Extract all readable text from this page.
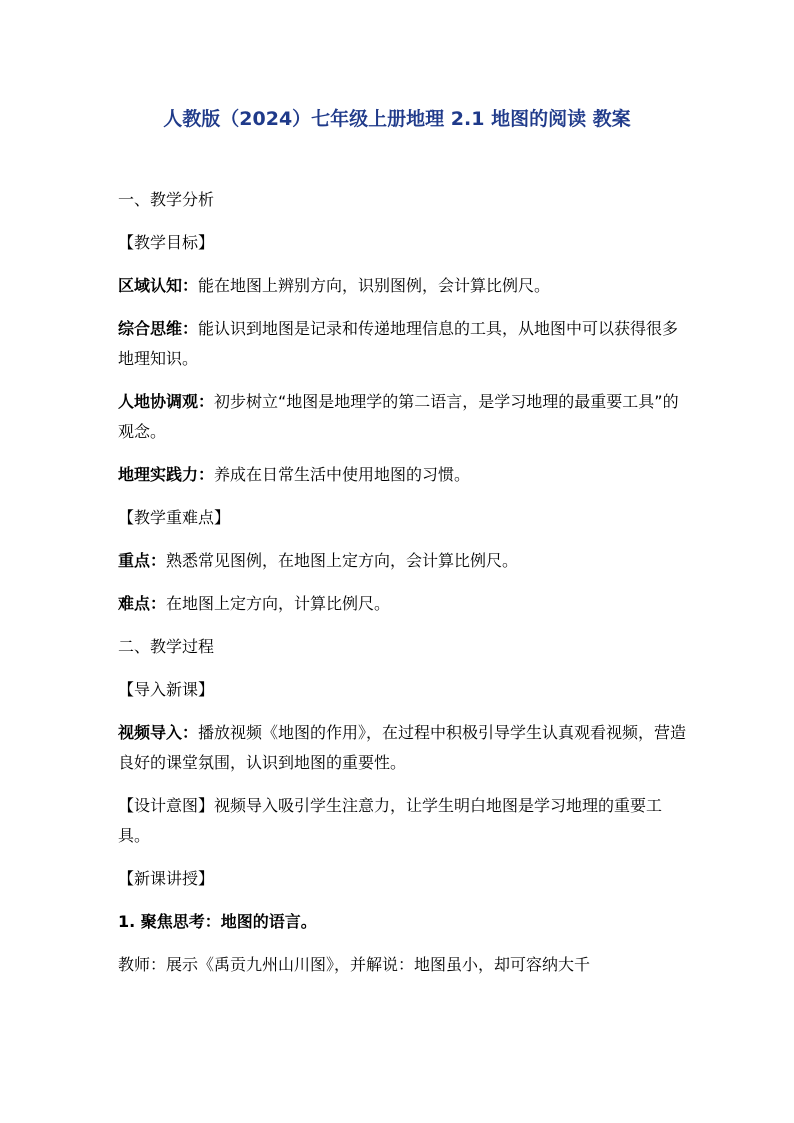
人教版（2024）七年级上册地理 2.1 地图的阅读 教案

一、教学分析

【教学目标】

区域认知：能在地图上辨别方向，识别图例，会计算比例尺。

综合思维：能认识到地图是记录和传递地理信息的工具，从地图中可以获得很多地理知识。

人地协调观：初步树立“地图是地理学的第二语言，是学习地理的最重要工具”的观念。

地理实践力：养成在日常生活中使用地图的习惯。

【教学重难点】

重点：熟悉常见图例，在地图上定方向，会计算比例尺。

难点：在地图上定方向，计算比例尺。

二、教学过程

【导入新课】

视频导入：播放视频《地图的作用》，在过程中积极引导学生认真观看视频，营造良好的课堂氛围，认识到地图的重要性。

【设计意图】视频导入吸引学生注意力，让学生明白地图是学习地理的重要工具。

【新课讲授】

1. 聚焦思考：地图的语言。

教师：展示《禹贡九州山川图》，并解说：地图虽小，却可容纳大千
